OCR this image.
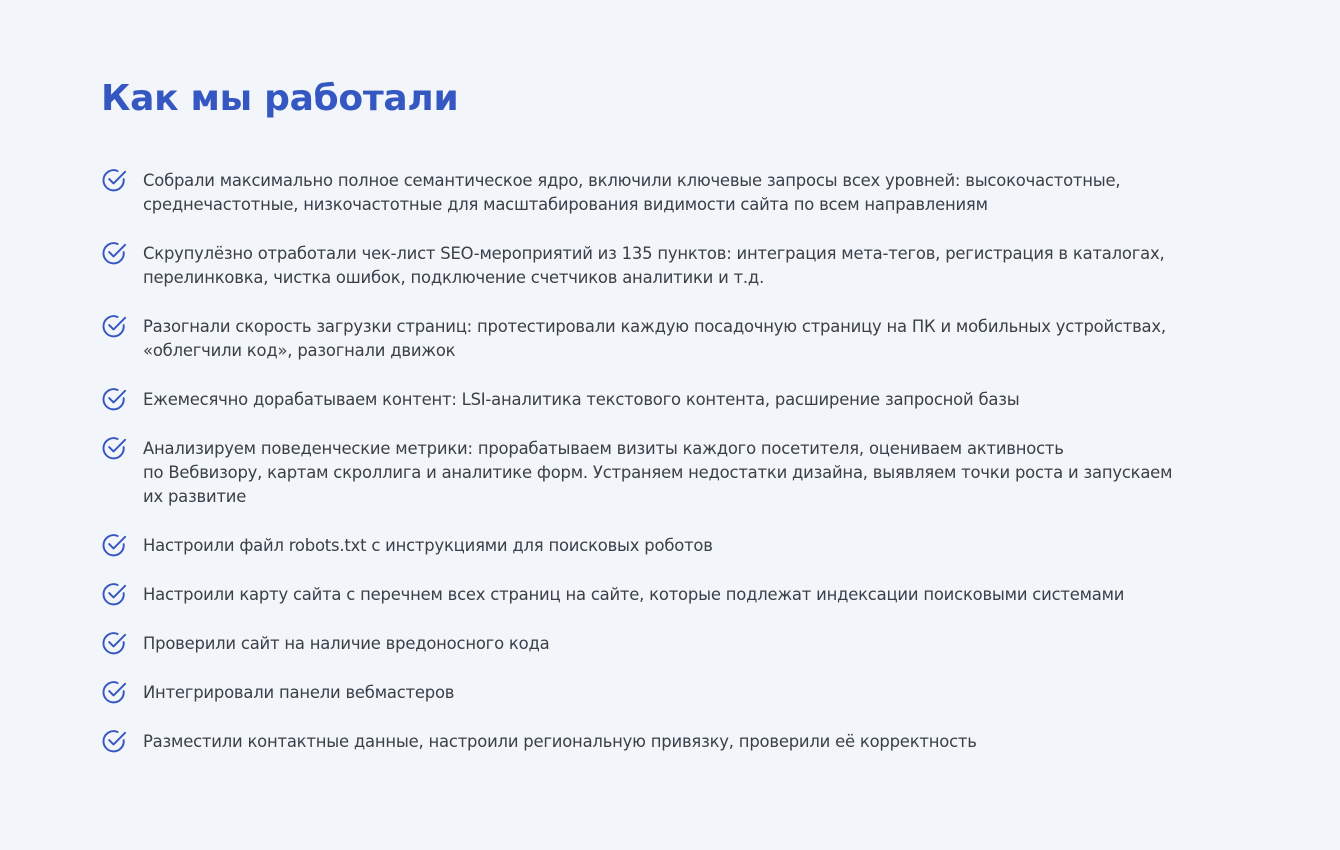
Как мы работали
Собрали максимально полное семантическое ядро, включили ключевые запросы всех уровней: высокочастотные,
среднечастотные, низкочастотные для масштабирования видимости сайта по всем направлениям
Скрупулёзно отработали чек-лист SEO-мероприятий из 135 пунктов: интеграция мета-тегов, регистрация в каталогах,
перелинковка, чистка ошибок, подключение счетчиков аналитики и т.д.
Разогнали скорость загрузки страниц: протестировали каждую посадочную страницу на ПК и мобильных устройствах,
«облегчили код», разогнали движок
Ежемесячно дорабатываем контент: LSI-аналитика текстового контента, расширение запросной базы
Анализируем поведенческие метрики: прорабатываем визиты каждого посетителя, оцениваем активность
по Вебвизору, картам скроллига и аналитике форм. Устраняем недостатки дизайна, выявляем точки роста и запускаем
их развитие
Настроили файл robots.txt с инструкциями для поисковых роботов
Настроили карту сайта с перечнем всех страниц на сайте, которые подлежат индексации поисковыми системами
Проверили сайт на наличие вредоносного кода
Интегрировали панели вебмастеров
Разместили контактные данные, настроили региональную привязку, проверили её корректность
